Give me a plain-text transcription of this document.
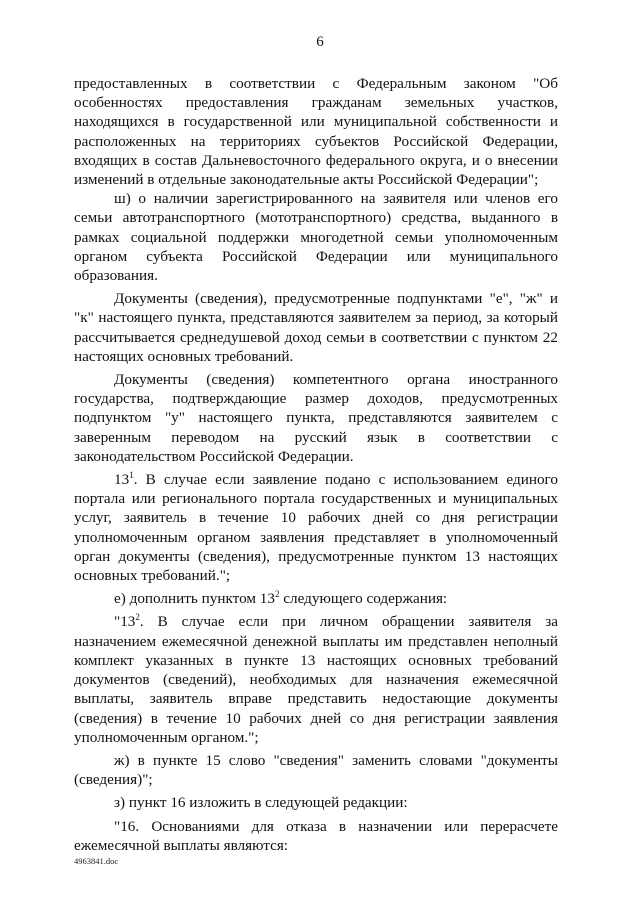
6

предоставленных в соответствии с Федеральным законом "Об особенностях предоставления гражданам земельных участков, находящихся в государственной или муниципальной собственности и расположенных на территориях субъектов Российской Федерации, входящих в состав Дальневосточного федерального округа, и о внесении изменений в отдельные законодательные акты Российской Федерации";

ш) о наличии зарегистрированного на заявителя или членов его семьи автотранспортного (мототранспортного) средства, выданного в рамках социальной поддержки многодетной семьи уполномоченным органом субъекта Российской Федерации или муниципального образования.

Документы (сведения), предусмотренные подпунктами "е", "ж" и "к" настоящего пункта, представляются заявителем за период, за который рассчитывается среднедушевой доход семьи в соответствии с пунктом 22 настоящих основных требований.

Документы (сведения) компетентного органа иностранного государства, подтверждающие размер доходов, предусмотренных подпунктом "у" настоящего пункта, представляются заявителем с заверенным переводом на русский язык в соответствии с законодательством Российской Федерации.

$13^1$. В случае если заявление подано с использованием единого портала или регионального портала государственных и муниципальных услуг, заявитель в течение 10 рабочих дней со дня регистрации уполномоченным органом заявления представляет в уполномоченный орган документы (сведения), предусмотренные пунктом 13 настоящих основных требований.";

е) дополнить пунктом $13^2$ следующего содержания:

"$13^2$. В случае если при личном обращении заявителя за назначением ежемесячной денежной выплаты им представлен неполный комплект указанных в пункте 13 настоящих основных требований документов (сведений), необходимых для назначения ежемесячной выплаты, заявитель вправе представить недостающие документы (сведения) в течение 10 рабочих дней со дня регистрации заявления уполномоченным органом.";

ж) в пункте 15 слово "сведения" заменить словами "документы (сведения)";

з) пункт 16 изложить в следующей редакции:

"16. Основаниями для отказа в назначении или перерасчете ежемесячной выплаты являются:

4963841.doc
